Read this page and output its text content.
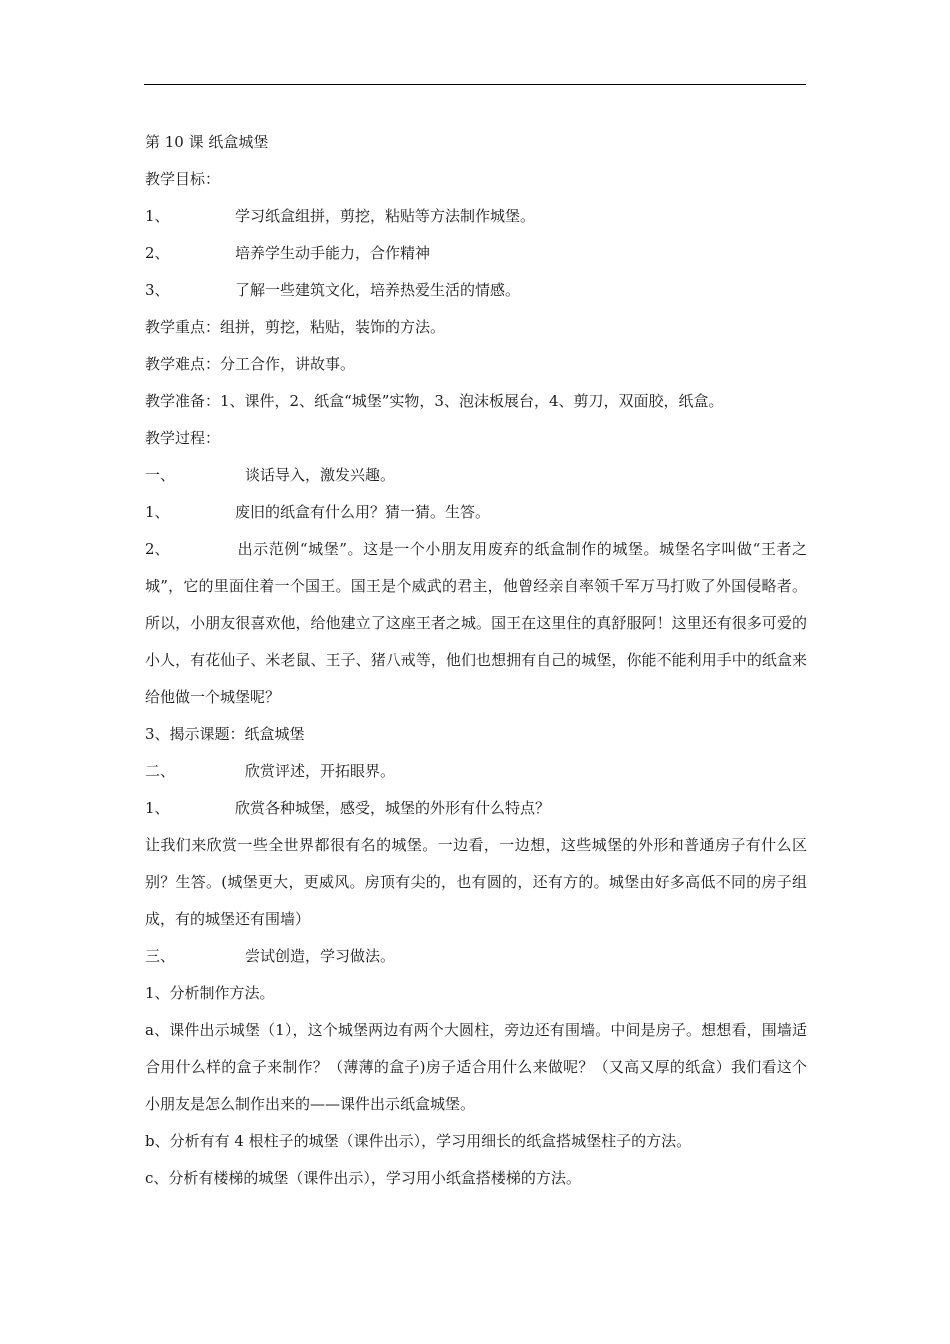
第 10 课 纸盒城堡
教学目标：
1、	学习纸盒组拼，剪挖，粘贴等方法制作城堡。
2、	培养学生动手能力，合作精神
3、	了解一些建筑文化，培养热爱生活的情感。
教学重点：组拼，剪挖，粘贴，装饰的方法。
教学难点：分工合作，讲故事。
教学准备：1、课件，2、纸盒“城堡”实物，3、泡沫板展台，4、剪刀，双面胶，纸盒。
教学过程：
一、	谈话导入，激发兴趣。
1、	废旧的纸盒有什么用？猜一猜。生答。
2、	出示范例“城堡”。这是一个小朋友用废弃的纸盒制作的城堡。城堡名字叫做“王者之城”，它的里面住着一个国王。国王是个威武的君主，他曾经亲自率领千军万马打败了外国侵略者。所以，小朋友很喜欢他，给他建立了这座王者之城。国王在这里住的真舒服阿！这里还有很多可爱的小人，有花仙子、米老鼠、王子、猪八戒等，他们也想拥有自己的城堡，你能不能利用手中的纸盒来给他做一个城堡呢？
3、揭示课题：纸盒城堡
二、	欣赏评述，开拓眼界。
1、	欣赏各种城堡，感受，城堡的外形有什么特点？
让我们来欣赏一些全世界都很有名的城堡。一边看，一边想，这些城堡的外形和普通房子有什么区别？生答。(城堡更大，更威风。房顶有尖的，也有圆的，还有方的。城堡由好多高低不同的房子组成，有的城堡还有围墙）
三、	尝试创造，学习做法。
1、分析制作方法。
a、课件出示城堡（1），这个城堡两边有两个大圆柱，旁边还有围墙。中间是房子。想想看，围墙适合用什么样的盒子来制作？（薄薄的盒子)房子适合用什么来做呢？（又高又厚的纸盒）我们看这个小朋友是怎么制作出来的——课件出示纸盒城堡。
b、分析有有 4 根柱子的城堡（课件出示），学习用细长的纸盒搭城堡柱子的方法。
c、分析有楼梯的城堡（课件出示），学习用小纸盒搭楼梯的方法。
